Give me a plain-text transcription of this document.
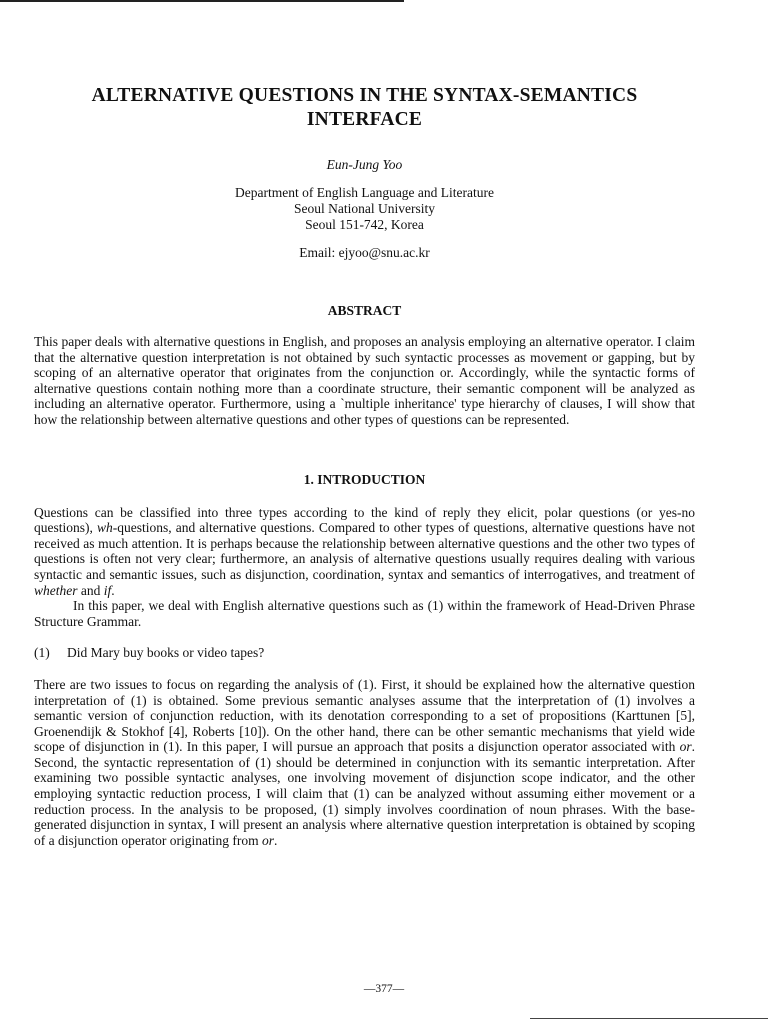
ALTERNATIVE QUESTIONS IN THE SYNTAX-SEMANTICS
INTERFACE
Eun-Jung Yoo
Department of English Language and Literature
Seoul National University
Seoul 151-742, Korea
Email: ejyoo@snu.ac.kr
ABSTRACT

This paper deals with alternative questions in English, and proposes an analysis employing an alternative operator. I claim that the alternative question interpretation is not obtained by such syntactic processes as movement or gapping, but by scoping of an alternative operator that originates from the conjunction or. Accordingly, while the syntactic forms of alternative questions contain nothing more than a coordinate structure, their semantic component will be analyzed as including an alternative operator. Furthermore, using a `multiple inheritance' type hierarchy of clauses, I will show that how the relationship between alternative questions and other types of questions can be represented.

1. INTRODUCTION

Questions can be classified into three types according to the kind of reply they elicit, polar questions (or yes-no questions), wh-questions, and alternative questions. Compared to other types of questions, alternative questions have not received as much attention. It is perhaps because the relationship between alternative questions and the other two types of questions is often not very clear; furthermore, an analysis of alternative questions usually requires dealing with various syntactic and semantic issues, such as disjunction, coordination, syntax and semantics of interrogatives, and treatment of whether and if.

In this paper, we deal with English alternative questions such as (1) within the framework of Head-Driven Phrase Structure Grammar.

(1) Did Mary buy books or video tapes?

There are two issues to focus on regarding the analysis of (1). First, it should be explained how the alternative question interpretation of (1) is obtained. Some previous semantic analyses assume that the interpretation of (1) involves a semantic version of conjunction reduction, with its denotation corresponding to a set of propositions (Karttunen [5], Groenendijk & Stokhof [4], Roberts [10]). On the other hand, there can be other semantic mechanisms that yield wide scope of disjunction in (1). In this paper, I will pursue an approach that posits a disjunction operator associated with or. Second, the syntactic representation of (1) should be determined in conjunction with its semantic interpretation. After examining two possible syntactic analyses, one involving movement of disjunction scope indicator, and the other employing syntactic reduction process, I will claim that (1) can be analyzed without assuming either movement or a reduction process. In the analysis to be proposed, (1) simply involves coordination of noun phrases. With the base-generated disjunction in syntax, I will present an analysis where alternative question interpretation is obtained by scoping of a disjunction operator originating from or.

—377—
